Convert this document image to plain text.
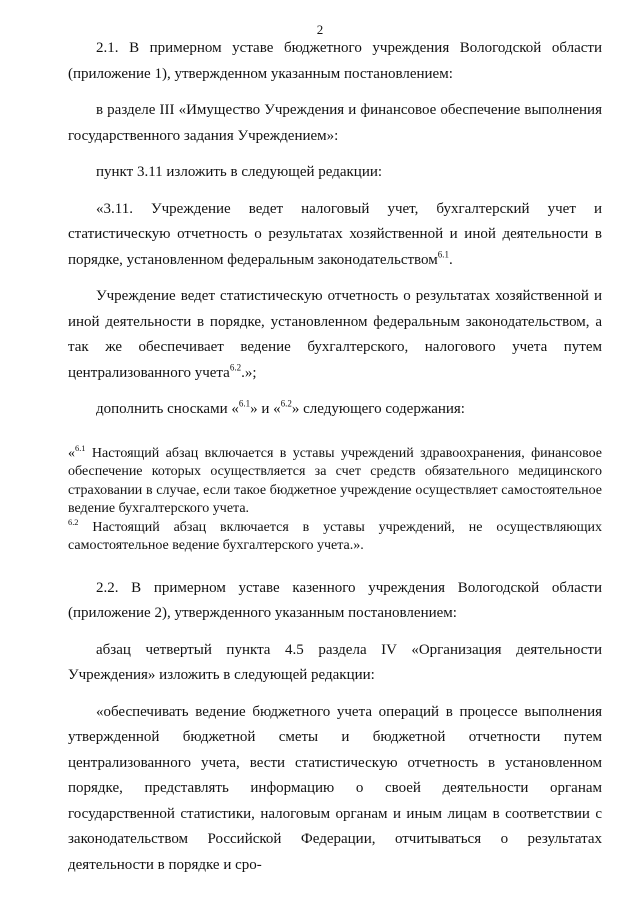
2

2.1. В примерном уставе бюджетного учреждения Вологодской области (приложение 1), утвержденном указанным постановлением:

в разделе III «Имущество Учреждения и финансовое обеспечение выполнения государственного задания Учреждением»:

пункт 3.11 изложить в следующей редакции:

«3.11. Учреждение ведет налоговый учет, бухгалтерский учет и статистическую отчетность о результатах хозяйственной и иной деятельности в порядке, установленном федеральным законодательством$^{6.1}$.

Учреждение ведет статистическую отчетность о результатах хозяйственной и иной деятельности в порядке, установленном федеральным законодательством, а так же обеспечивает ведение бухгалтерского, налогового учета путем централизованного учета$^{6.2}$.»;

дополнить сносками «$^{6.1}$» и «$^{6.2}$» следующего содержания:

«$^{6.1}$ Настоящий абзац включается в уставы учреждений здравоохранения, финансовое обеспечение которых осуществляется за счет средств обязательного медицинского страховании в случае, если такое бюджетное учреждение осуществляет самостоятельное ведение бухгалтерского учета.

$^{6.2}$ Настоящий абзац включается в уставы учреждений, не осуществляющих самостоятельное ведение бухгалтерского учета.».

2.2. В примерном уставе казенного учреждения Вологодской области (приложение 2), утвержденного указанным постановлением:

абзац четвертый пункта 4.5 раздела IV «Организация деятельности Учреждения» изложить в следующей редакции:

«обеспечивать ведение бюджетного учета операций в процессе выполнения утвержденной бюджетной сметы и бюджетной отчетности путем централизованного учета, вести статистическую отчетность в установленном порядке, представлять информацию о своей деятельности органам государственной статистики, налоговым органам и иным лицам в соответствии с законодательством Российской Федерации, отчитываться о результатах деятельности в порядке и сро-
